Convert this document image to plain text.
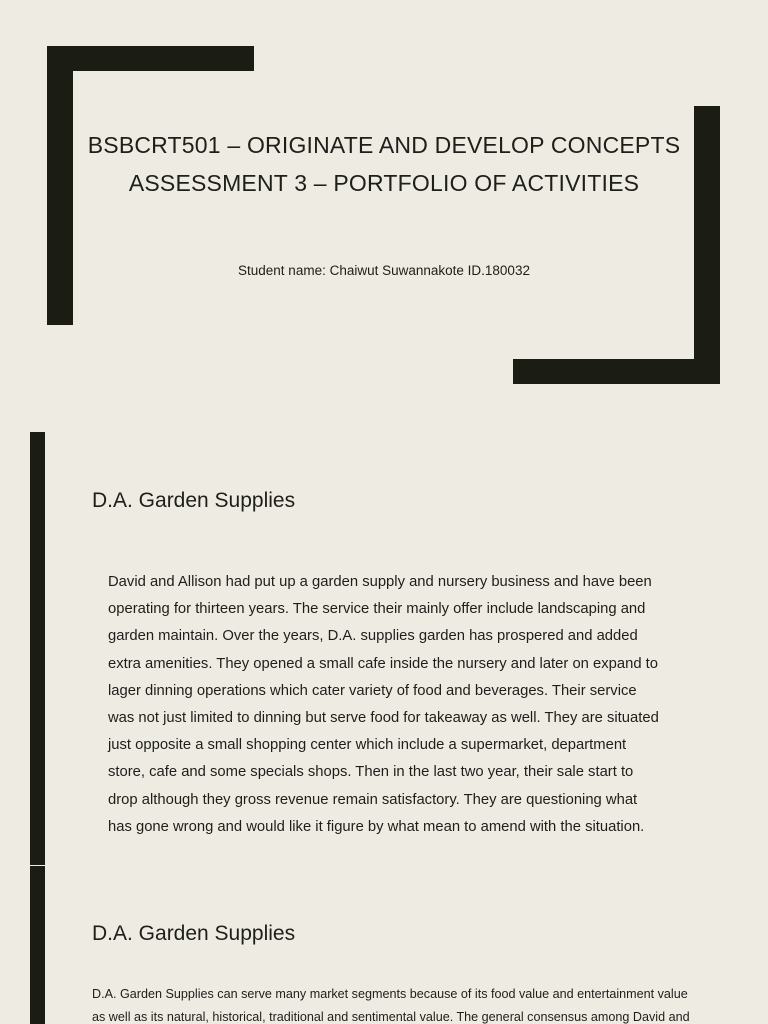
BSBCRT501 – ORIGINATE AND DEVELOP CONCEPTS
ASSESSMENT 3 – PORTFOLIO OF ACTIVITIES
Student name: Chaiwut Suwannakote ID.180032
D.A. Garden Supplies

David and Allison had put up a garden supply and nursery business and have been
operating for thirteen years. The service their mainly offer include landscaping and
garden maintain. Over the years, D.A. supplies garden has prospered and added
extra amenities. They opened a small cafe inside the nursery and later on expand to
lager dinning operations which cater variety of food and beverages. Their service
was not just limited to dinning but serve food for takeaway as well. They are situated
just opposite a small shopping center which include a supermarket, department
store, cafe and some specials shops. Then in the last two year, their sale start to
drop although they gross revenue remain satisfactory. They are questioning what
has gone wrong and would like it figure by what mean to amend with the situation.

D.A. Garden Supplies

D.A. Garden Supplies can serve many market segments because of its food value and entertainment value
as well as its natural, historical, traditional and sentimental value. The general consensus among David and
